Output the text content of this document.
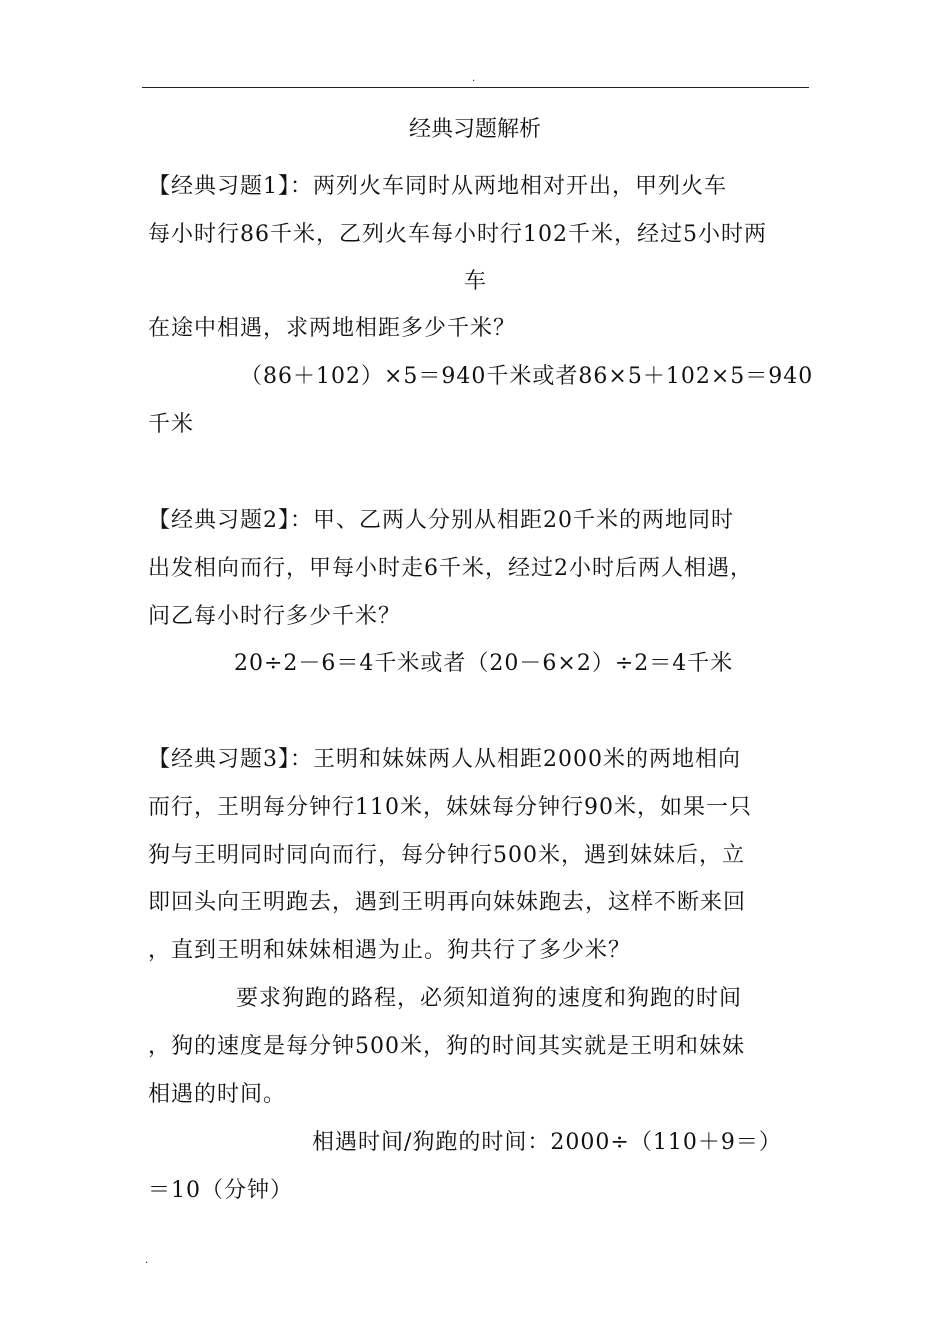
.
经典习题解析
【经典习题1】：两列火车同时从两地相对开出，甲列火车
每小时行86千米，乙列火车每小时行102千米，经过5小时两
车
在途中相遇，求两地相距多少千米？
（86＋102）×5＝940千米或者86×5＋102×5＝940
千米
【经典习题2】：甲、乙两人分别从相距20千米的两地同时
出发相向而行，甲每小时走6千米，经过2小时后两人相遇，
问乙每小时行多少千米？
20÷2－6＝4千米或者（20－6×2）÷2＝4千米
【经典习题3】：王明和妹妹两人从相距2000米的两地相向
而行，王明每分钟行110米，妹妹每分钟行90米，如果一只
狗与王明同时同向而行，每分钟行500米，遇到妹妹后，立
即回头向王明跑去，遇到王明再向妹妹跑去，这样不断来回
，直到王明和妹妹相遇为止。狗共行了多少米？
要求狗跑的路程，必须知道狗的速度和狗跑的时间
，狗的速度是每分钟500米，狗的时间其实就是王明和妹妹
相遇的时间。
相遇时间/狗跑的时间：2000÷（110＋9＝）
＝10（分钟）
.
